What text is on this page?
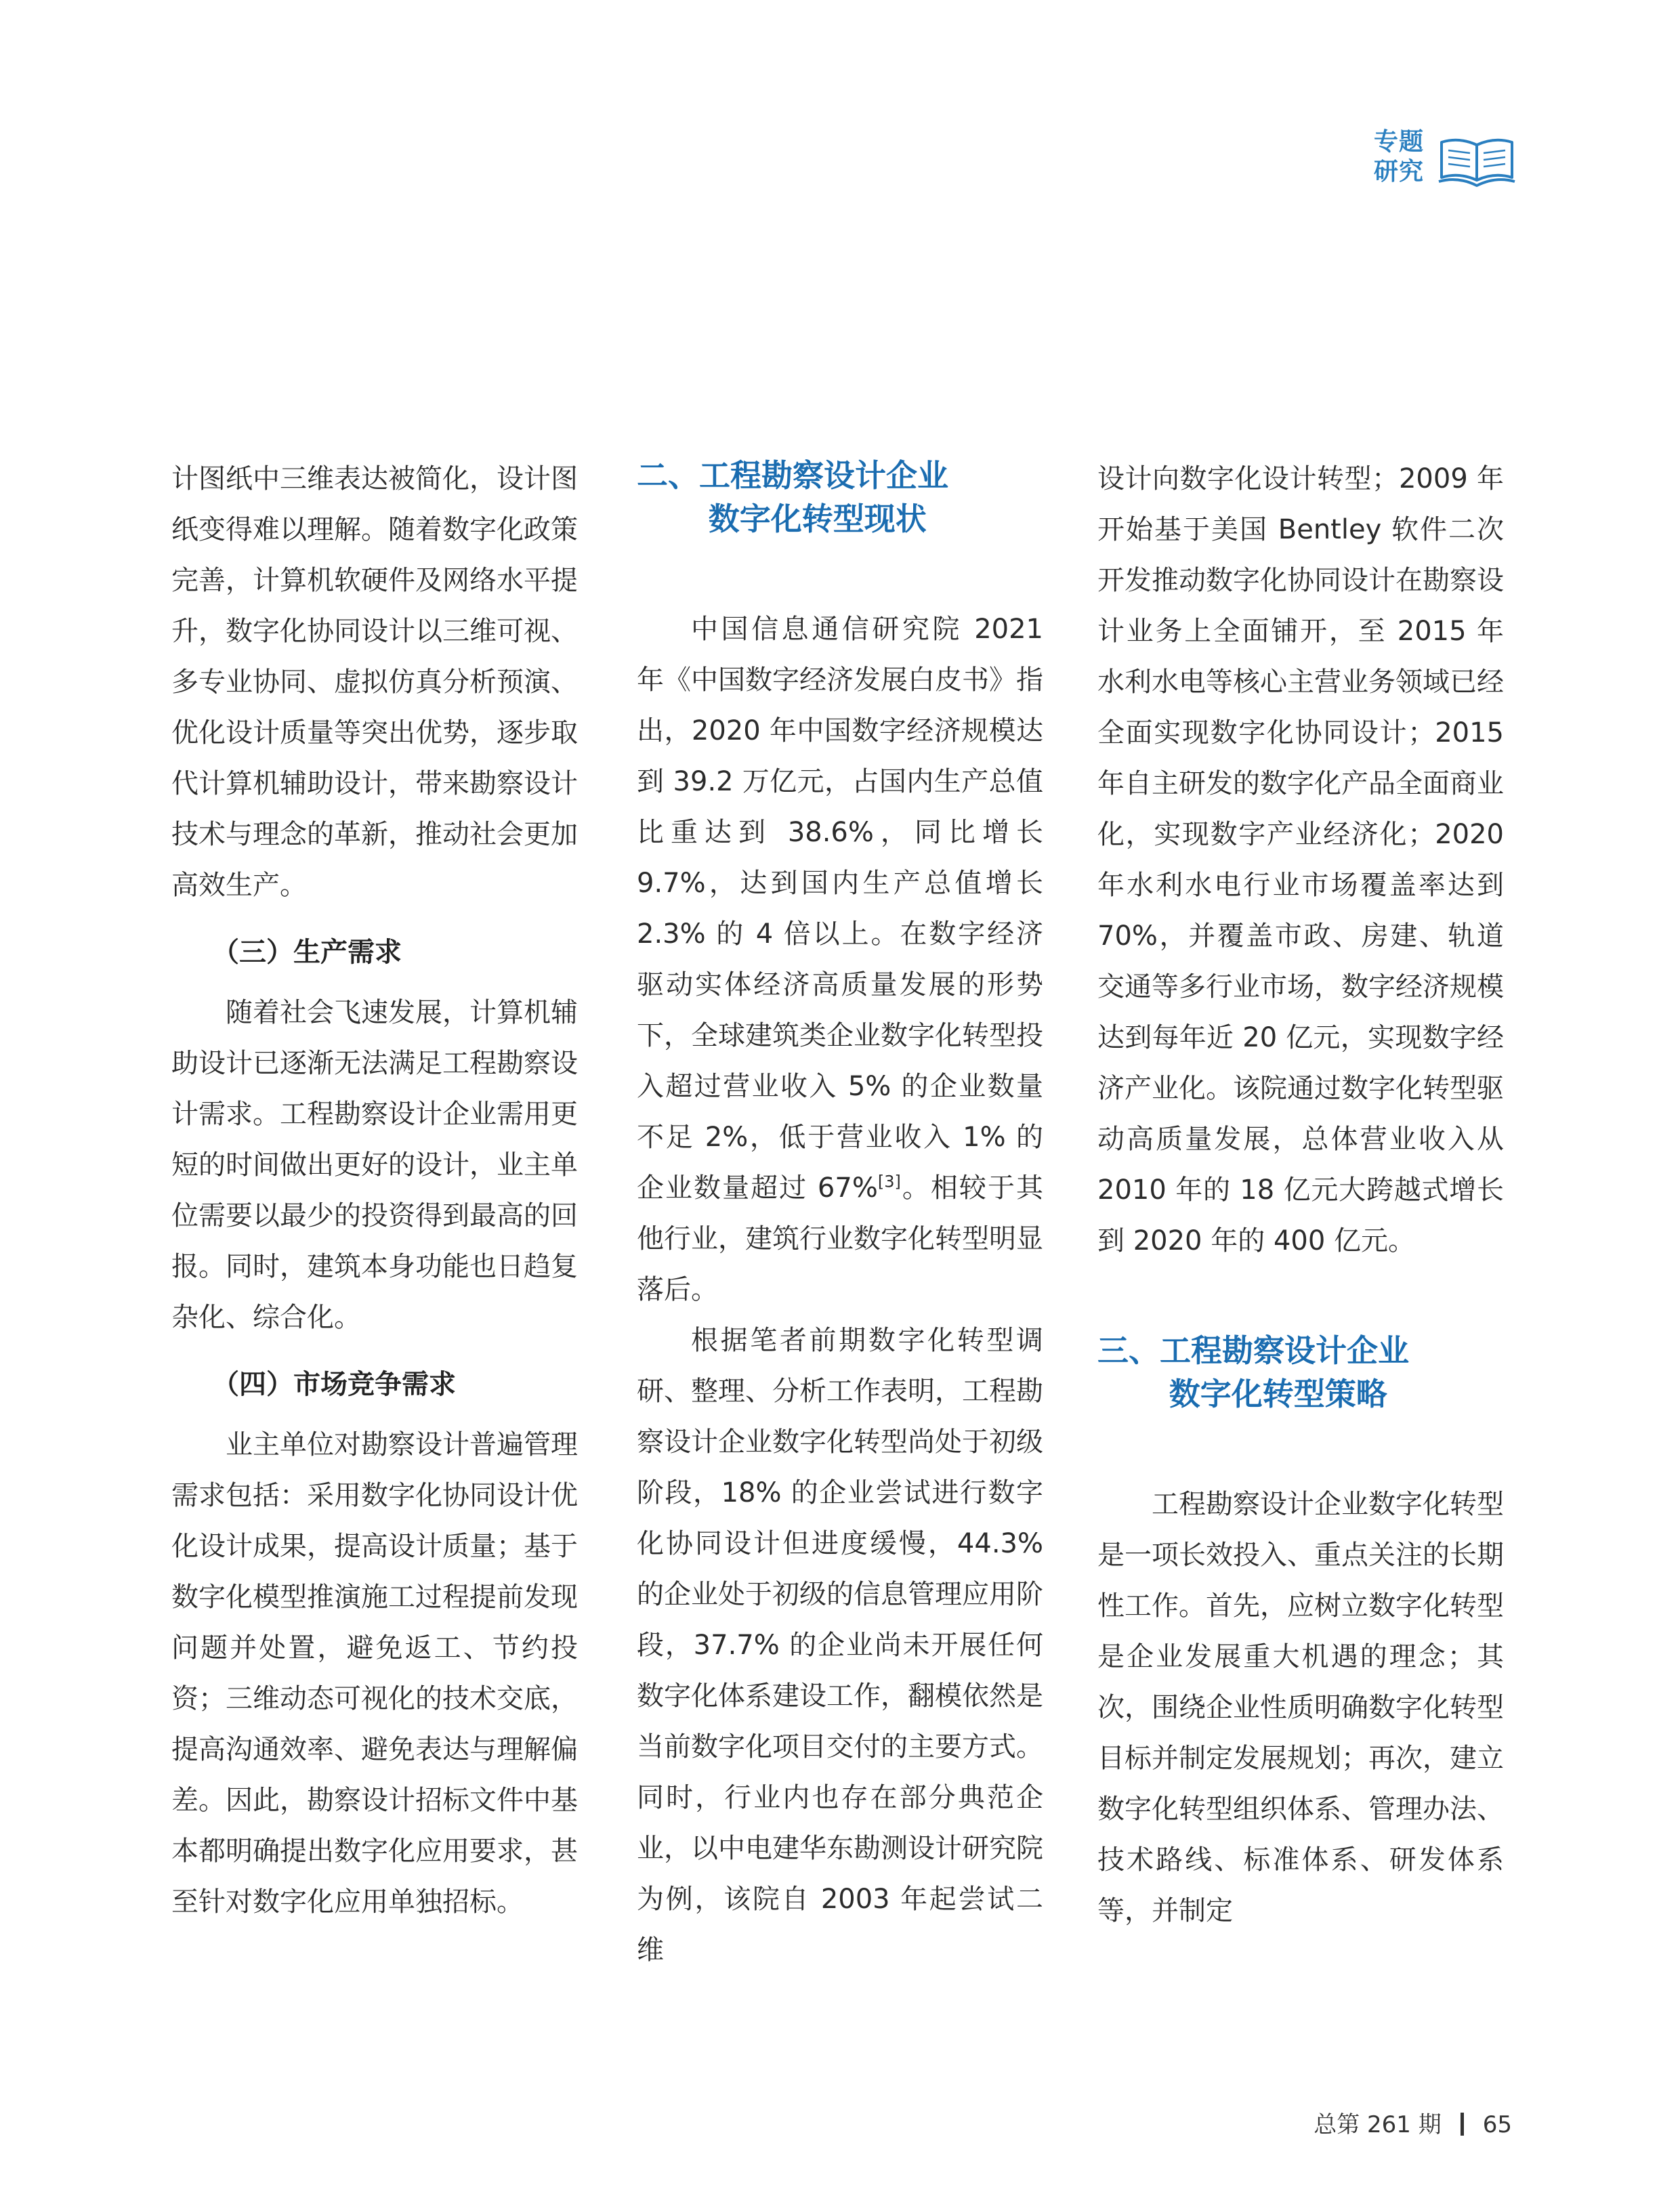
专题
研究

计图纸中三维表达被简化，设计图纸变得难以理解。随着数字化政策完善，计算机软硬件及网络水平提升，数字化协同设计以三维可视、多专业协同、虚拟仿真分析预演、优化设计质量等突出优势，逐步取代计算机辅助设计，带来勘察设计技术与理念的革新，推动社会更加高效生产。

（三）生产需求

随着社会飞速发展，计算机辅助设计已逐渐无法满足工程勘察设计需求。工程勘察设计企业需用更短的时间做出更好的设计，业主单位需要以最少的投资得到最高的回报。同时，建筑本身功能也日趋复杂化、综合化。

（四）市场竞争需求

业主单位对勘察设计普遍管理需求包括：采用数字化协同设计优化设计成果，提高设计质量；基于数字化模型推演施工过程提前发现问题并处置，避免返工、节约投资；三维动态可视化的技术交底，提高沟通效率、避免表达与理解偏差。因此，勘察设计招标文件中基本都明确提出数字化应用要求，甚至针对数字化应用单独招标。

二、工程勘察设计企业
数字化转型现状

中国信息通信研究院 2021 年《中国数字经济发展白皮书》指出，2020 年中国数字经济规模达到 39.2 万亿元，占国内生产总值比重达到 38.6%，同比增长 9.7%，达到国内生产总值增长 2.3% 的 4 倍以上。在数字经济驱动实体经济高质量发展的形势下，全球建筑类企业数字化转型投入超过营业收入 5% 的企业数量不足 2%，低于营业收入 1% 的企业数量超过 67%[3]。相较于其他行业，建筑行业数字化转型明显落后。

根据笔者前期数字化转型调研、整理、分析工作表明，工程勘察设计企业数字化转型尚处于初级阶段，18% 的企业尝试进行数字化协同设计但进度缓慢，44.3% 的企业处于初级的信息管理应用阶段，37.7% 的企业尚未开展任何数字化体系建设工作，翻模依然是当前数字化项目交付的主要方式。同时，行业内也存在部分典范企业，以中电建华东勘测设计研究院为例，该院自 2003 年起尝试二维

设计向数字化设计转型；2009 年开始基于美国 Bentley 软件二次开发推动数字化协同设计在勘察设计业务上全面铺开，至 2015 年水利水电等核心主营业务领域已经全面实现数字化协同设计；2015 年自主研发的数字化产品全面商业化，实现数字产业经济化；2020 年水利水电行业市场覆盖率达到 70%，并覆盖市政、房建、轨道交通等多行业市场，数字经济规模达到每年近 20 亿元，实现数字经济产业化。该院通过数字化转型驱动高质量发展，总体营业收入从 2010 年的 18 亿元大跨越式增长到 2020 年的 400 亿元。

三、工程勘察设计企业
数字化转型策略

工程勘察设计企业数字化转型是一项长效投入、重点关注的长期性工作。首先，应树立数字化转型是企业发展重大机遇的理念；其次，围绕企业性质明确数字化转型目标并制定发展规划；再次，建立数字化转型组织体系、管理办法、技术路线、标准体系、研发体系等，并制定

总第 261 期 65
